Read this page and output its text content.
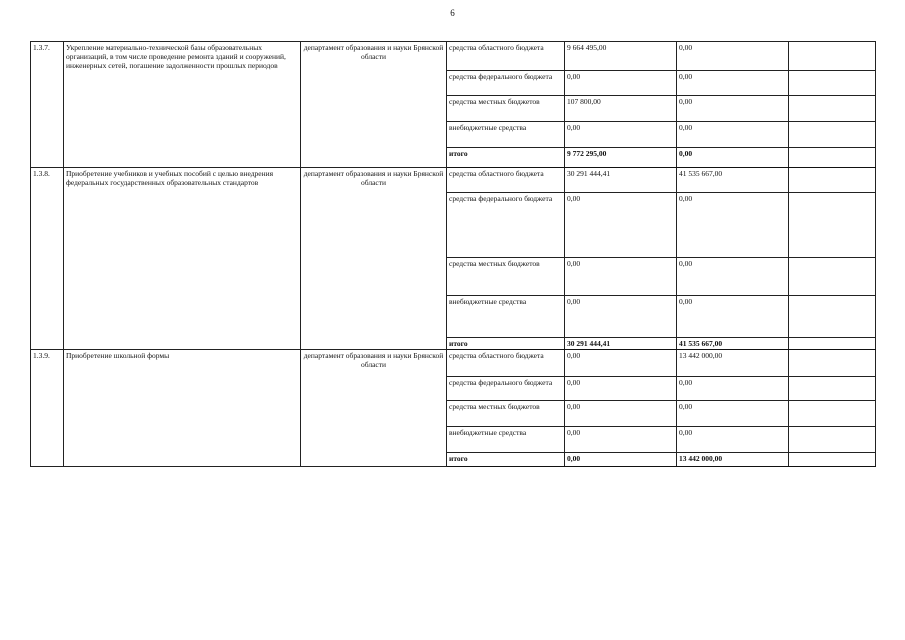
6
1.3.7.	Укрепление материально-технической базы образовательных организаций, в том числе проведение ремонта зданий и сооружений, инженерных сетей, погашение задолженности прошлых периодов	департамент образования и науки Брянской области	средства областного бюджета	9 664 495,00	0,00	
			средства федерального бюджета	0,00	0,00	
			средства местных бюджетов	107 800,00	0,00	
			внебюджетные средства	0,00	0,00	
			итого	9 772 295,00	0,00	
1.3.8.	Приобретение учебников и учебных пособий с целью внедрения федеральных государственных образовательных стандартов	департамент образования и науки Брянской области	средства областного бюджета	30 291 444,41	41 535 667,00	
			средства федерального бюджета	0,00	0,00	
			средства местных бюджетов	0,00	0,00	
			внебюджетные средства	0,00	0,00	
			итого	30 291 444,41	41 535 667,00	
1.3.9.	Приобретение школьной формы	департамент образования и науки Брянской области	средства областного бюджета	0,00	13 442 000,00	
			средства федерального бюджета	0,00	0,00	
			средства местных бюджетов	0,00	0,00	
			внебюджетные средства	0,00	0,00	
			итого	0,00	13 442 000,00	
